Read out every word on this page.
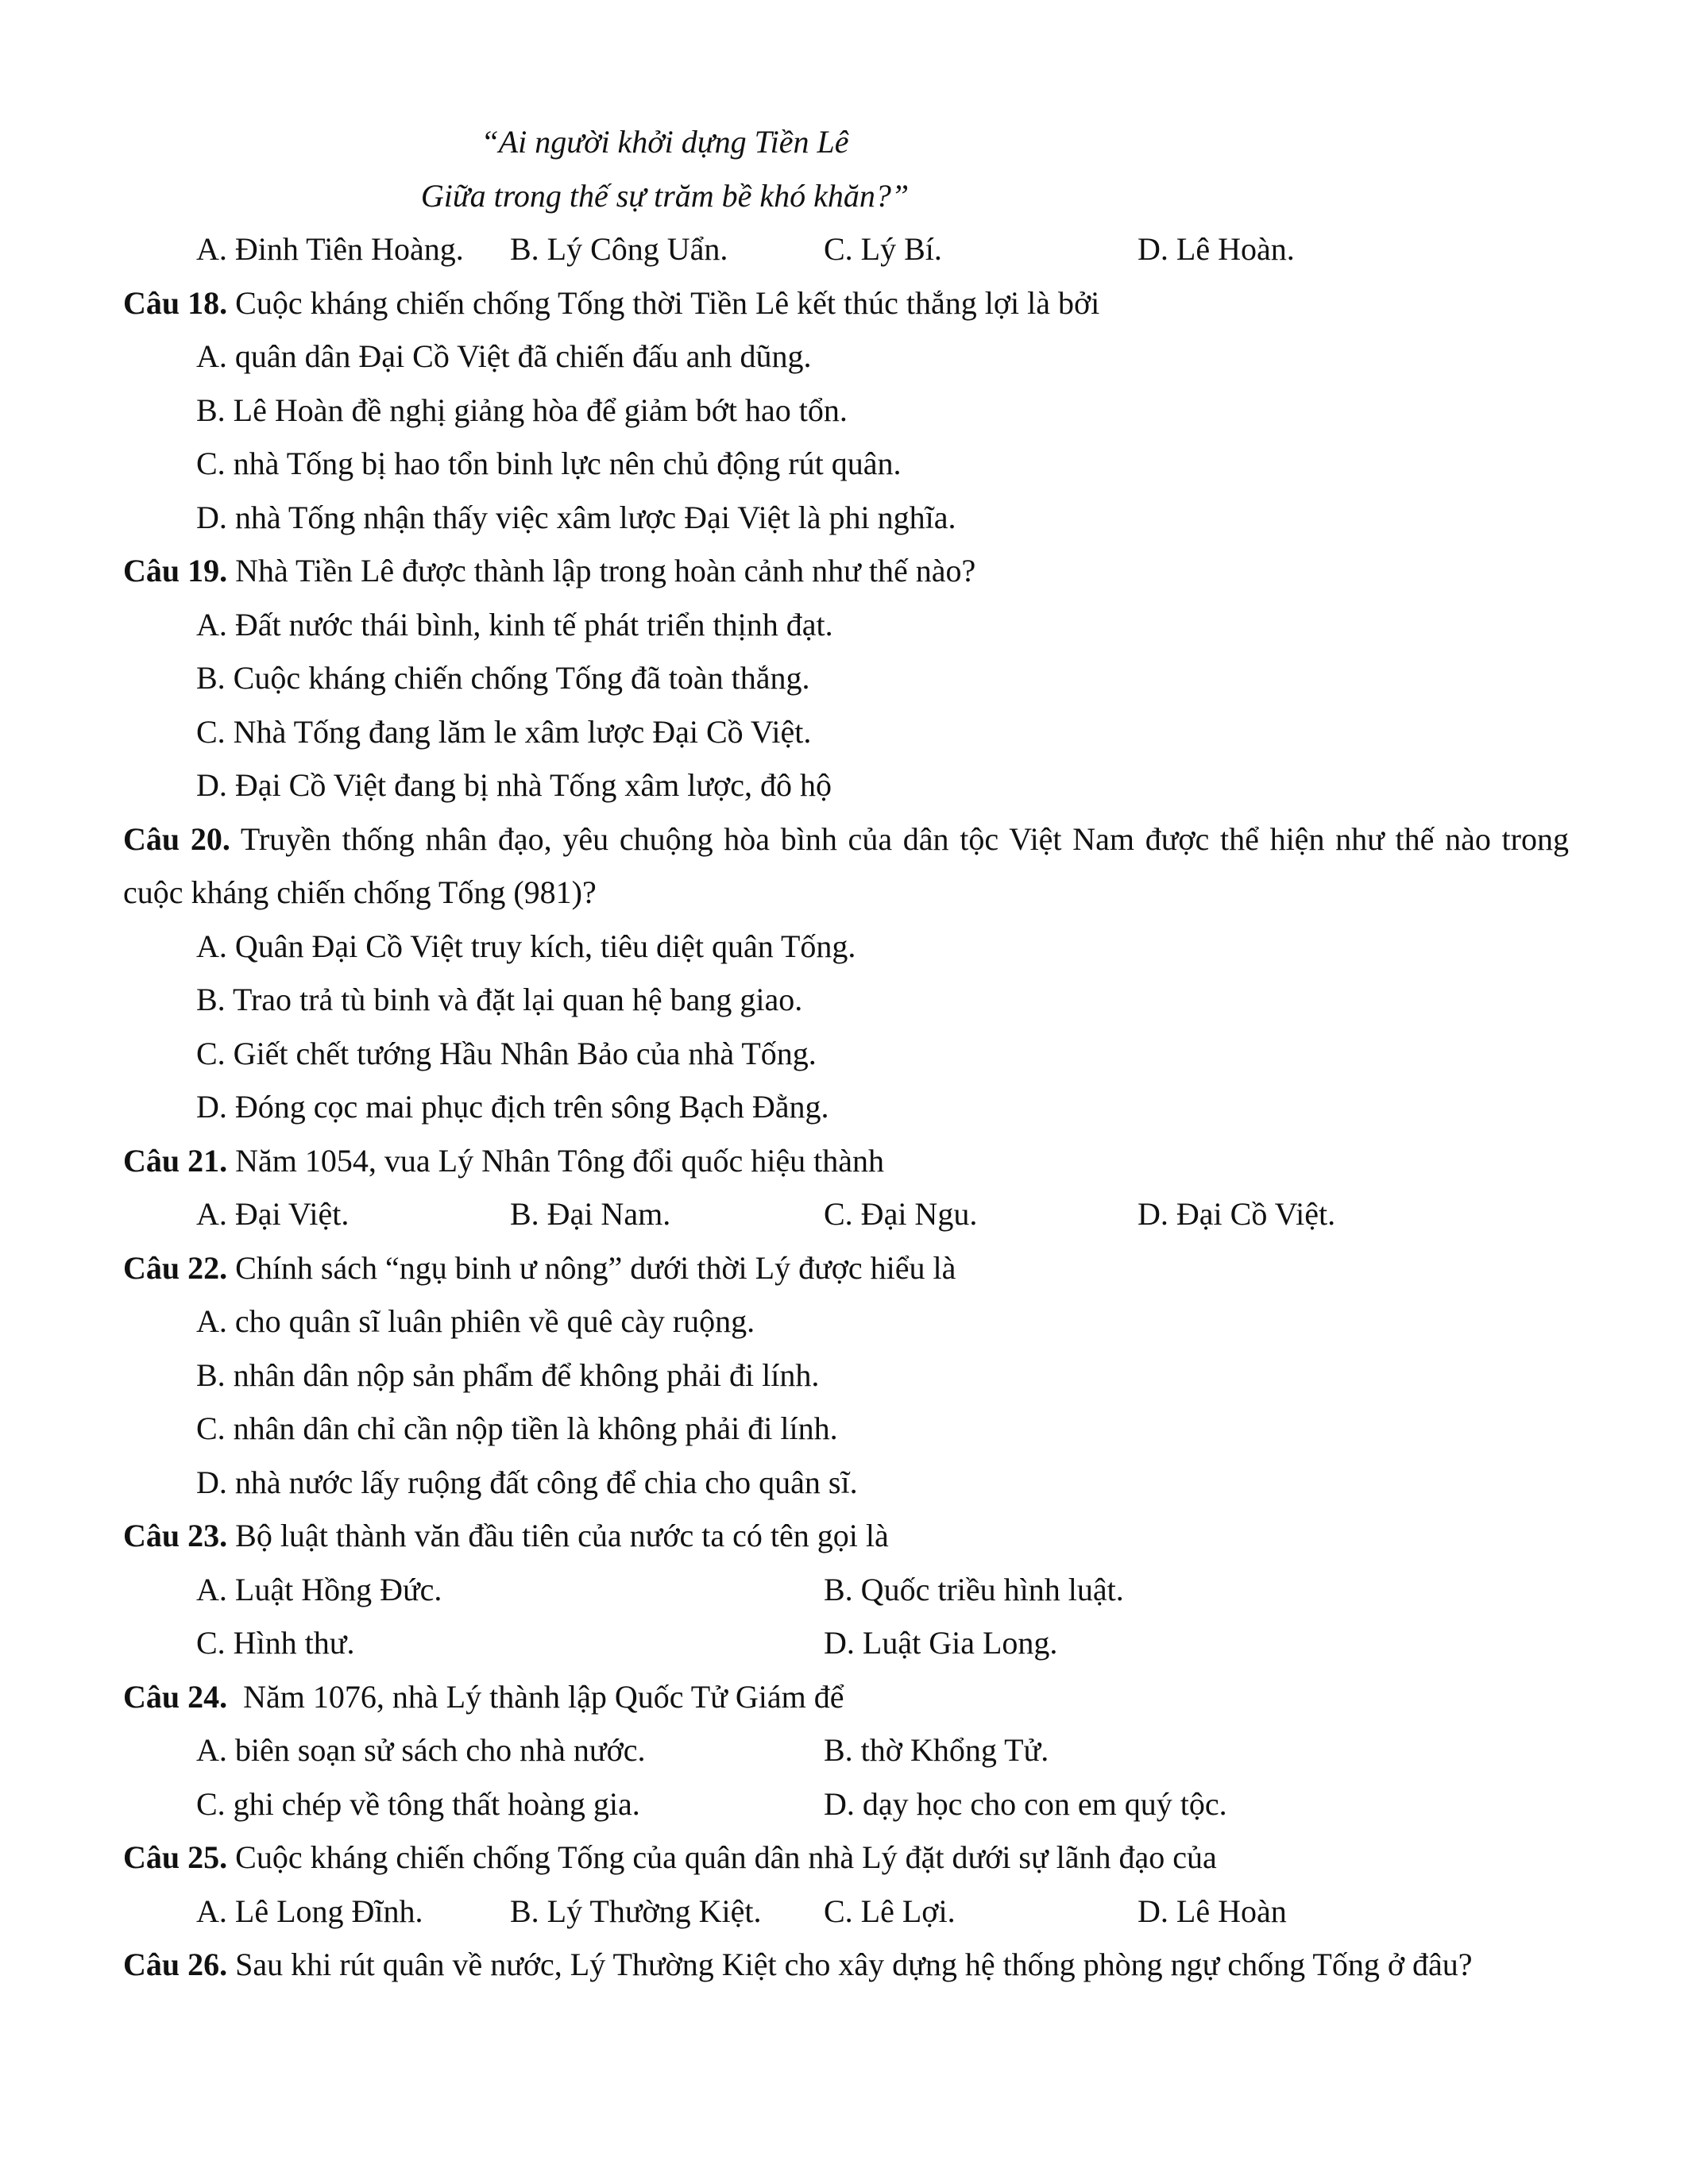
“Ai người khởi dựng Tiền Lê
Giữa trong thế sự trăm bề khó khăn?”
A. Đinh Tiên Hoàng.	B. Lý Công Uẩn.	C. Lý Bí.	D. Lê Hoàn.

Câu 18. Cuộc kháng chiến chống Tống thời Tiền Lê kết thúc thắng lợi là bởi

A. quân dân Đại Cồ Việt đã chiến đấu anh dũng.

B. Lê Hoàn đề nghị giảng hòa để giảm bớt hao tổn.

C. nhà Tống bị hao tổn binh lực nên chủ động rút quân.

D. nhà Tống nhận thấy việc xâm lược Đại Việt là phi nghĩa.

Câu 19. Nhà Tiền Lê được thành lập trong hoàn cảnh như thế nào?

A. Đất nước thái bình, kinh tế phát triển thịnh đạt.

B. Cuộc kháng chiến chống Tống đã toàn thắng.

C. Nhà Tống đang lăm le xâm lược Đại Cồ Việt.

D. Đại Cồ Việt đang bị nhà Tống xâm lược, đô hộ

Câu 20. Truyền thống nhân đạo, yêu chuộng hòa bình của dân tộc Việt Nam được thể hiện như thế nào trong cuộc kháng chiến chống Tống (981)?

A. Quân Đại Cồ Việt truy kích, tiêu diệt quân Tống.

B. Trao trả tù binh và đặt lại quan hệ bang giao.

C. Giết chết tướng Hầu Nhân Bảo của nhà Tống.

D. Đóng cọc mai phục địch trên sông Bạch Đằng.

Câu 21. Năm 1054, vua Lý Nhân Tông đổi quốc hiệu thành

A. Đại Việt.	B. Đại Nam.	C. Đại Ngu.	D. Đại Cồ Việt.

Câu 22. Chính sách “ngụ binh ư nông” dưới thời Lý được hiểu là

A. cho quân sĩ luân phiên về quê cày ruộng.

B. nhân dân nộp sản phẩm để không phải đi lính.

C. nhân dân chỉ cần nộp tiền là không phải đi lính.

D. nhà nước lấy ruộng đất công để chia cho quân sĩ.

Câu 23. Bộ luật thành văn đầu tiên của nước ta có tên gọi là

A. Luật Hồng Đức.	B. Quốc triều hình luật.
C. Hình thư.	D. Luật Gia Long.

Câu 24.  Năm 1076, nhà Lý thành lập Quốc Tử Giám để

A. biên soạn sử sách cho nhà nước.	B. thờ Khổng Tử.
C. ghi chép về tông thất hoàng gia.	D. dạy học cho con em quý tộc.

Câu 25. Cuộc kháng chiến chống Tống của quân dân nhà Lý đặt dưới sự lãnh đạo của

A. Lê Long Đĩnh.	B. Lý Thường Kiệt.	C. Lê Lợi.	D. Lê Hoàn

Câu 26. Sau khi rút quân về nước, Lý Thường Kiệt cho xây dựng hệ thống phòng ngự chống Tống ở đâu?
